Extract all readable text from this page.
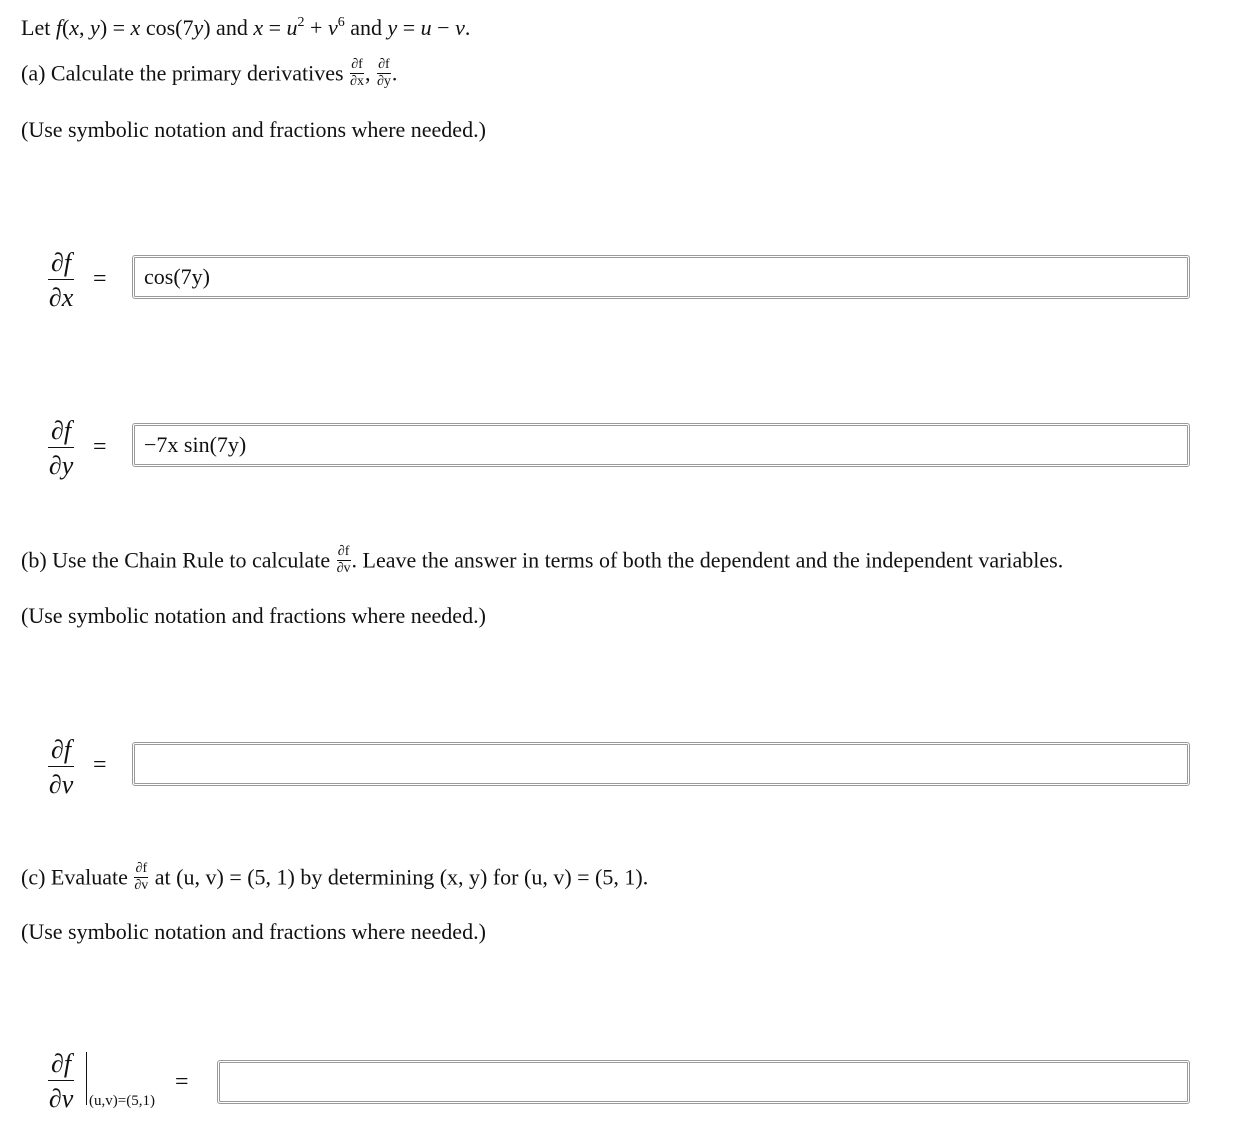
Let f(x, y) = x cos(7y) and $x = u^2 + v^6$ and y = u − v.
(a) Calculate the primary derivatives $\frac{\partial f}{\partial x}$ , $\frac{\partial f}{\partial y}$ .
(Use symbolic notation and fractions where needed.)
∂f
∂x
=	cos(7y)
∂f
∂y
=	−7x sin(7y)
(b) Use the Chain Rule to calculate $\frac{\partial f}{\partial v}$ . Leave the answer in terms of both the dependent and the independent variables.
(Use symbolic notation and fractions where needed.)
∂f
∂v
=
(c) Evaluate $\frac{\partial f}{\partial v}$ at (u, v) = (5, 1) by determining (x, y) for (u, v) = (5, 1).
(Use symbolic notation and fractions where needed.)
∂f
∂v (u,v)=(5,1)
=
